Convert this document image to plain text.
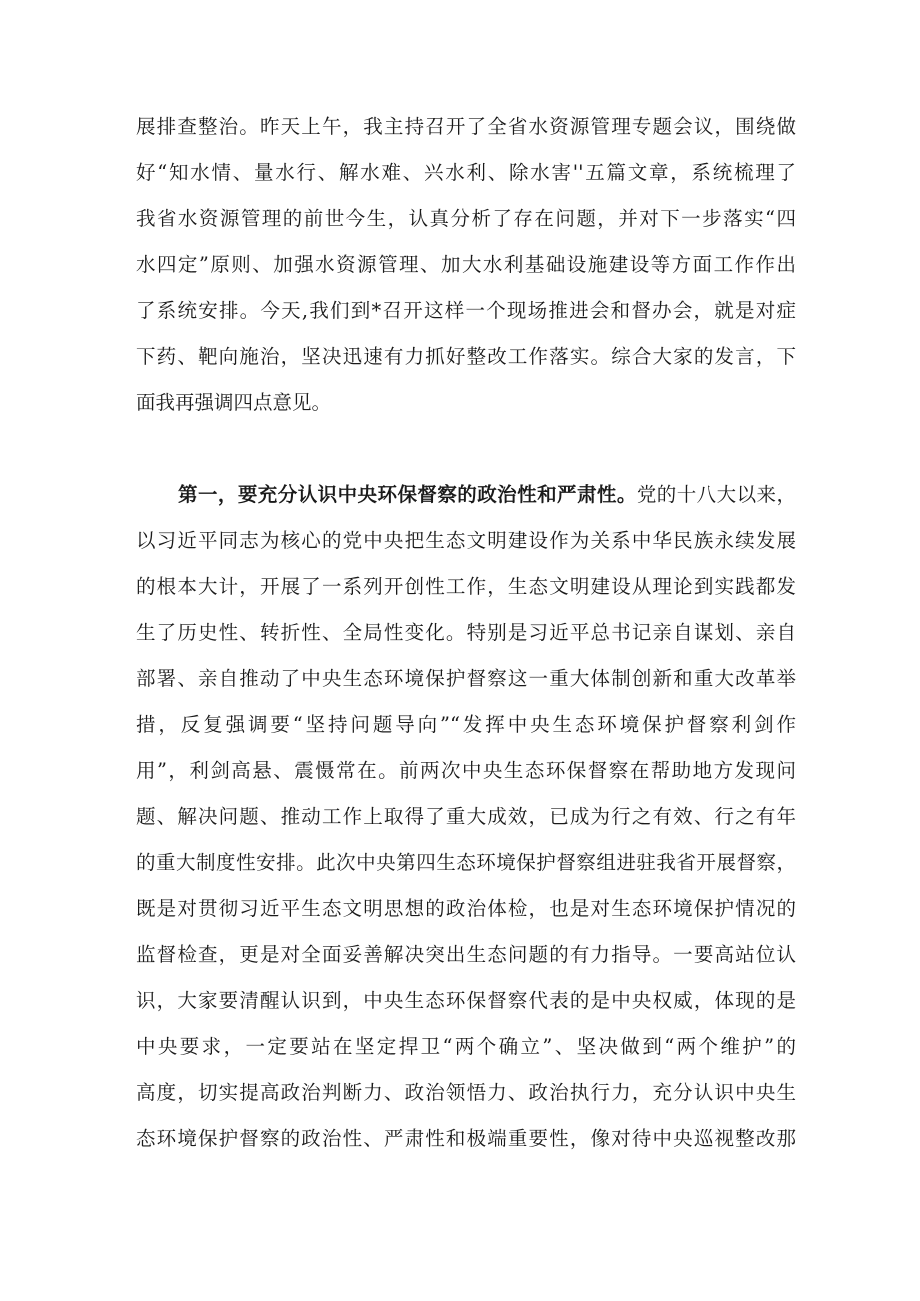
展排查整治。昨天上午，我主持召开了全省水资源管理专题会议，围绕做
好“知水情、量水行、解水难、兴水利、除水害''五篇文章，系统梳理了
我省水资源管理的前世今生，认真分析了存在问题，并对下一步落实“四
水四定”原则、加强水资源管理、加大水利基础设施建设等方面工作作出
了系统安排。今天,我们到*召开这样一个现场推进会和督办会，就是对症
下药、靶向施治，坚决迅速有力抓好整改工作落实。综合大家的发言，下
面我再强调四点意见。
第一，要充分认识中央环保督察的政治性和严肃性。党的十八大以来，
以习近平同志为核心的党中央把生态文明建设作为关系中华民族永续发展
的根本大计，开展了一系列开创性工作，生态文明建设从理论到实践都发
生了历史性、转折性、全局性变化。特别是习近平总书记亲自谋划、亲自
部署、亲自推动了中央生态环境保护督察这一重大体制创新和重大改革举
措，反复强调要“坚持问题导向”“发挥中央生态环境保护督察利剑作
用”，利剑高悬、震慑常在。前两次中央生态环保督察在帮助地方发现问
题、解决问题、推动工作上取得了重大成效，已成为行之有效、行之有年
的重大制度性安排。此次中央第四生态环境保护督察组进驻我省开展督察，
既是对贯彻习近平生态文明思想的政治体检，也是对生态环境保护情况的
监督检查，更是对全面妥善解决突出生态问题的有力指导。一要高站位认
识，大家要清醒认识到，中央生态环保督察代表的是中央权威，体现的是
中央要求，一定要站在坚定捍卫“两个确立”、坚决做到“两个维护”的
高度，切实提高政治判断力、政治领悟力、政治执行力，充分认识中央生
态环境保护督察的政治性、严肃性和极端重要性，像对待中央巡视整改那
